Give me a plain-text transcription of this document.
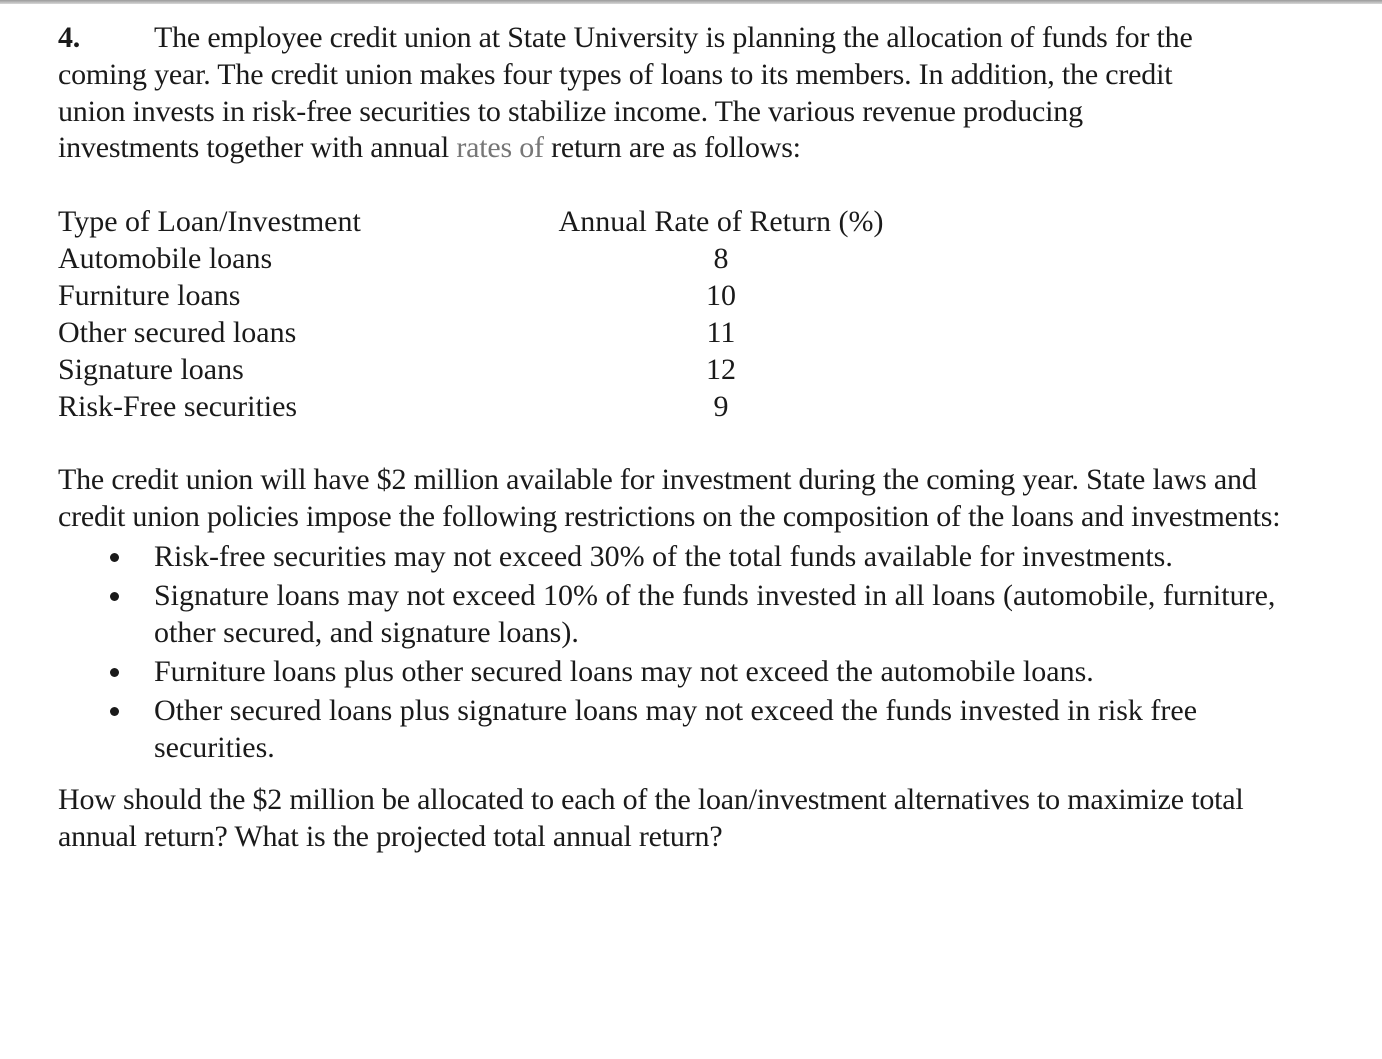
4. The employee credit union at State University is planning the allocation of funds for the
coming year. The credit union makes four types of loans to its members. In addition, the credit
union invests in risk-free securities to stabilize income. The various revenue producing
investments together with annual rates of return are as follows:
Type of Loan/Investment	Annual Rate of Return (%)
Automobile loans	8
Furniture loans	10
Other secured loans	11
Signature loans	12
Risk-Free securities	9
The credit union will have $2 million available for investment during the coming year. State laws and
credit union policies impose the following restrictions on the composition of the loans and investments:
Risk-free securities may not exceed 30% of the total funds available for investments.
Signature loans may not exceed 10% of the funds invested in all loans (automobile, furniture,
other secured, and signature loans).
Furniture loans plus other secured loans may not exceed the automobile loans.
Other secured loans plus signature loans may not exceed the funds invested in risk free
securities.
How should the $2 million be allocated to each of the loan/investment alternatives to maximize total
annual return? What is the projected total annual return?
